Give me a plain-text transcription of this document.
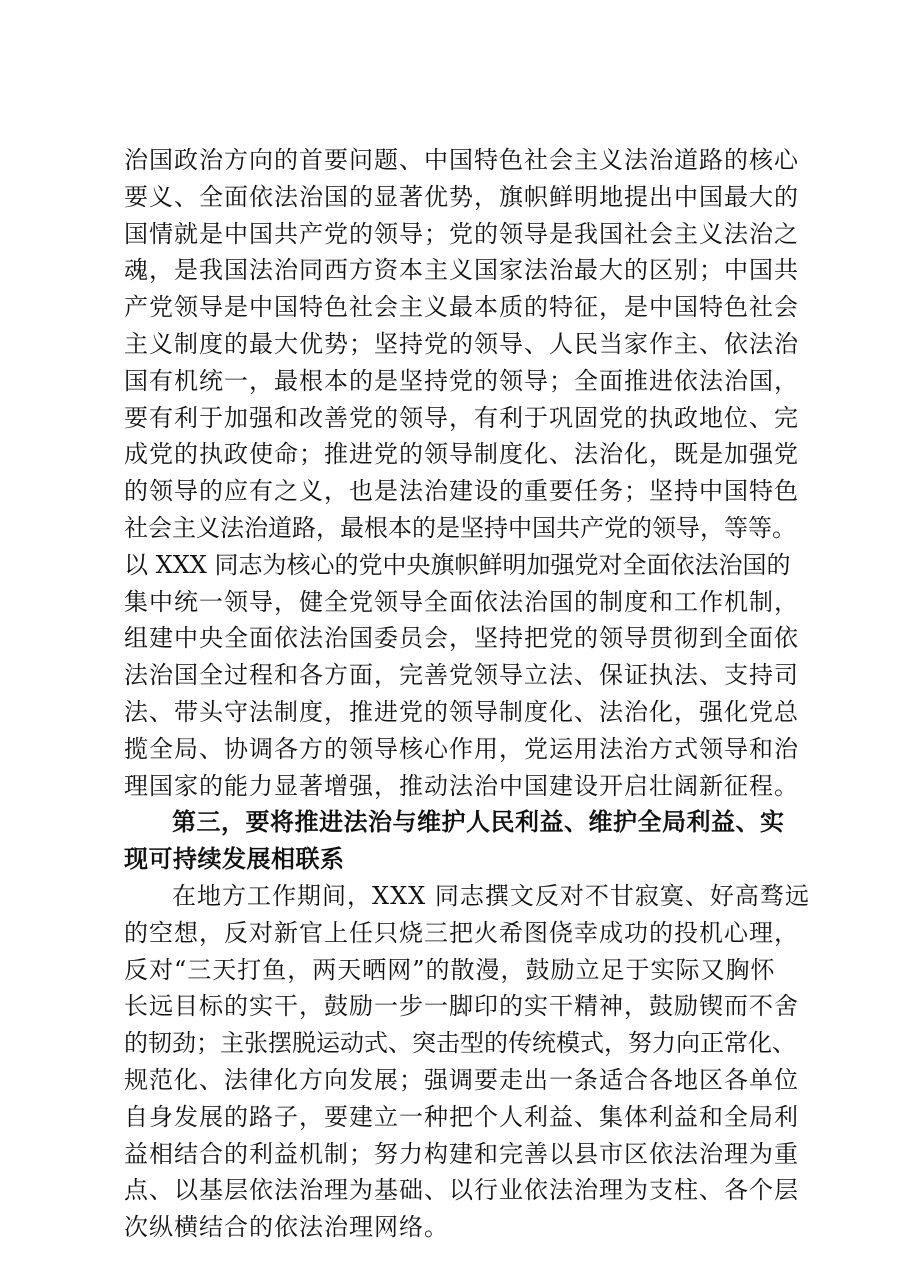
治国政治方向的首要问题、中国特色社会主义法治道路的核心
要义、全面依法治国的显著优势，旗帜鲜明地提出中国最大的
国情就是中国共产党的领导；党的领导是我国社会主义法治之
魂，是我国法治同西方资本主义国家法治最大的区别；中国共
产党领导是中国特色社会主义最本质的特征，是中国特色社会
主义制度的最大优势；坚持党的领导、人民当家作主、依法治
国有机统一，最根本的是坚持党的领导；全面推进依法治国，
要有利于加强和改善党的领导，有利于巩固党的执政地位、完
成党的执政使命；推进党的领导制度化、法治化，既是加强党
的领导的应有之义，也是法治建设的重要任务；坚持中国特色
社会主义法治道路，最根本的是坚持中国共产党的领导，等等。
以 XXX 同志为核心的党中央旗帜鲜明加强党对全面依法治国的
集中统一领导，健全党领导全面依法治国的制度和工作机制，
组建中央全面依法治国委员会，坚持把党的领导贯彻到全面依
法治国全过程和各方面，完善党领导立法、保证执法、支持司
法、带头守法制度，推进党的领导制度化、法治化，强化党总
揽全局、协调各方的领导核心作用，党运用法治方式领导和治
理国家的能力显著增强，推动法治中国建设开启壮阔新征程。
第三，要将推进法治与维护人民利益、维护全局利益、实
现可持续发展相联系
在地方工作期间，XXX 同志撰文反对不甘寂寞、好高骛远
的空想，反对新官上任只烧三把火希图侥幸成功的投机心理，
反对“三天打鱼，两天晒网”的散漫，鼓励立足于实际又胸怀
长远目标的实干，鼓励一步一脚印的实干精神，鼓励锲而不舍
的韧劲；主张摆脱运动式、突击型的传统模式，努力向正常化、
规范化、法律化方向发展；强调要走出一条适合各地区各单位
自身发展的路子，要建立一种把个人利益、集体利益和全局利
益相结合的利益机制；努力构建和完善以县市区依法治理为重
点、以基层依法治理为基础、以行业依法治理为支柱、各个层
次纵横结合的依法治理网络。
